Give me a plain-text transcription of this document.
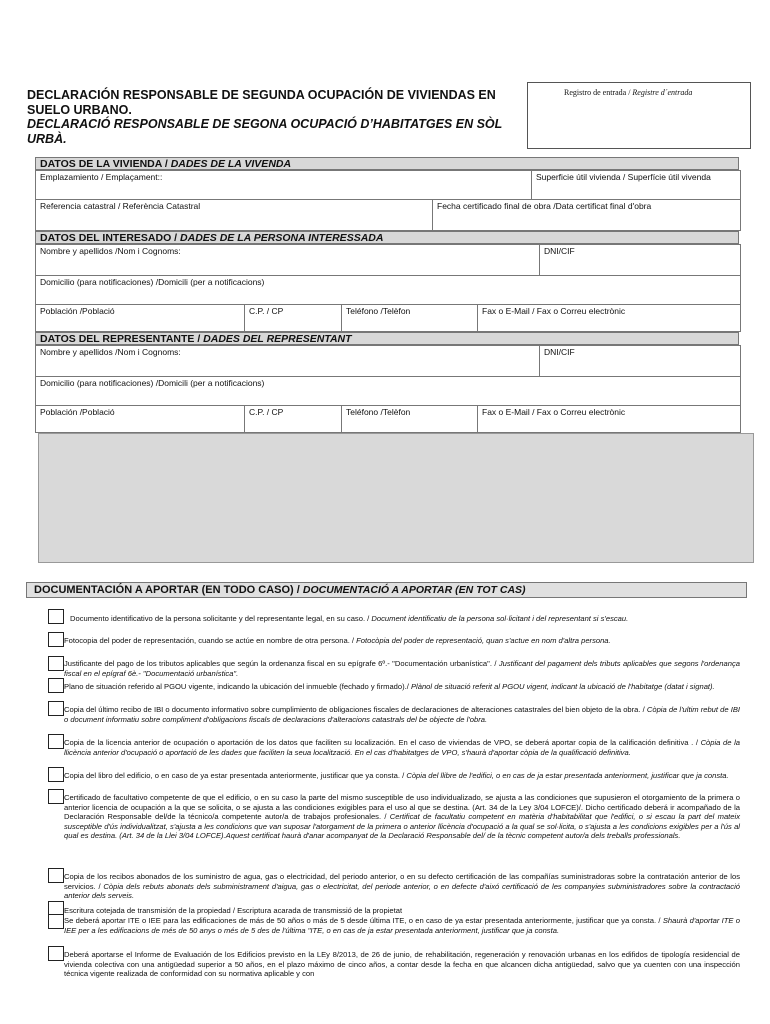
DECLARACIÓN RESPONSABLE DE SEGUNDA OCUPACIÓN DE VIVIENDAS EN SUELO URBANO.
DECLARACIÓ RESPONSABLE DE SEGONA OCUPACIÓ D’HABITATGES EN SÒL URBÀ.
Registro de entrada / Registre d´entrada
DATOS DE LA VIVIENDA / DADES DE LA VIVENDA
Emplazamiento / Emplaçament::	Superficie útil vivienda / Superfície útil vivenda
Referencia catastral / Referència Catastral	Fecha certificado final de obra /Data certificat final d'obra
DATOS DEL INTERESADO / DADES DE LA PERSONA INTERESSADA
Nombre y apellidos /Nom i Cognoms:	DNI/CIF
Domicilio (para notificaciones) /Domicili (per a notificacions)
Población /Població	C.P. / CP	Teléfono /Telèfon	Fax o E-Mail / Fax o Correu electrònic
DATOS DEL REPRESENTANTE / DADES DEL REPRESENTANT
Nombre y apellidos /Nom i Cognoms:	DNI/CIF
Domicilio (para notificaciones) /Domicili (per a notificacions)
Población /Població	C.P. / CP	Teléfono /Telèfon	Fax o E-Mail / Fax o Correu electrònic
DOCUMENTACIÓN A APORTAR (EN TODO CASO) / DOCUMENTACIÓ A APORTAR (EN TOT CAS)
Documento identificativo de la persona solicitante y del representante legal, en su caso. / Document identificatiu de la persona sol·licitant i del representant si s'escau.
Fotocopia del poder de representación, cuando se actúe en nombre de otra persona. / Fotocòpia del poder de representació, quan s'actue en nom d'altra persona.
Justificante del pago de los tributos aplicables que según la ordenanza fiscal en su epígrafe 6º.- "Documentación urbanística". / Justificant del pagament dels tributs aplicables que segons l'ordenança fiscal en el epígraf 6è.- "Documentació urbanística".
Plano de situación referido al PGOU vigente, indicando la ubicación del inmueble (fechado y firmado)./ Plànol de situació referit al PGOU vigent, indicant la ubicació de l'habitatge (datat i signat).
Copia del último recibo de IBI o documento informativo sobre cumplimiento de obligaciones fiscales de declaraciones de alteraciones catastrales del bien objeto de la obra. / Còpia de l'ultim rebut de IBI o document informatiu sobre compliment d'obligacions fiscals de declaracions d'alteracions catastrals del be objecte de l'obra.
Copia de la licencia anterior de ocupación o aportación de los datos que faciliten su localización. En el caso de viviendas de VPO, se deberá aportar copia de la calificación definitiva . / Còpia de la llicència anterior d'ocupació o aportació de les dades que faciliten la seua localització. En el cas d'habitatges de VPO, s'haurà d'aportar còpia de la qualificació definitiva.
Copia del libro del edificio, o en caso de ya estar presentada anteriormente, justificar que ya consta. / Còpia del llibre de l'edifici, o en cas de ja estar presentada anteriorment, justificar que ja consta.
Certificado de facultativo competente de que el edificio, o en su caso la parte del mismo susceptible de uso individualizado, se ajusta a las condiciones que supusieron el otorgamiento de la primera o anterior licencia de ocupación a la que se solicita, o se ajusta a las condiciones exigibles para el uso al que se destina. (Art. 34 de la Ley 3/04 LOFCE)/. Dicho certificado deberá ir acompañado de la Declaración Responsable del/de la técnico/a competente autor/a de trabajos profesionales. / Certificat de facultatiu competent en matèria d'habitabilitat que l'edifici, o si escau la part del mateix susceptible d'ús individualitzat, s'ajusta a les condicions que van suposar l'atorgament de la primera o anterior llicència d'ocupació a la qual se sol·licita, o s'ajusta a les condicions exigibles per a l'ús al qual es destina. (Art. 34 de la Llei 3/04 LOFCE).Aquest certificat haurà d'anar acompanyat de la Declaració Responsable del/ de la tècnic competent autor/a dels treballs professionals.
Copia de los recibos abonados de los suministro de agua, gas o electricidad, del periodo anterior, o en su defecto certificación de las compañías suministradoras sobre la contratación anterior de los servicios. / Còpia dels rebuts abonats dels subministrament d'aigua, gas o electricitat, del periode anterior, o en defecte d'aixó certificació de les companyies subministradores sobre la contractació anterior dels serveis.
Escritura cotejada de transmisión de la propiedad / Escriptura acarada de transmissió de la propietat
Se deberá aportar ITE o IEE para las edificaciones de más de 50 años o más de 5 desde última ITE, o en caso de ya estar presentada anteriormente, justificar que ya consta. / Shaurà d'aportar ITE o IEE per a les edificacions de més de 50 anys o més de 5 des de l'última "ITE, o en cas de ja estar presentada anteriorment, justificar que ja consta.
Deberá aportarse el Informe de Evaluación de los Edificios previsto en la LEy 8/2013, de 26 de junio, de rehabilitación, regeneración y renovación urbanas en los edifidos de tipología residencial de vivienda colectiva con una antigüedad superior a 50 años, en el plazo máximo de cinco años, a contar desde la fecha en que alcancen dicha antigüedad, salvo que ya cuenten con una inspección técnica vigente realizada de conformidad con su normativa aplicable y con
